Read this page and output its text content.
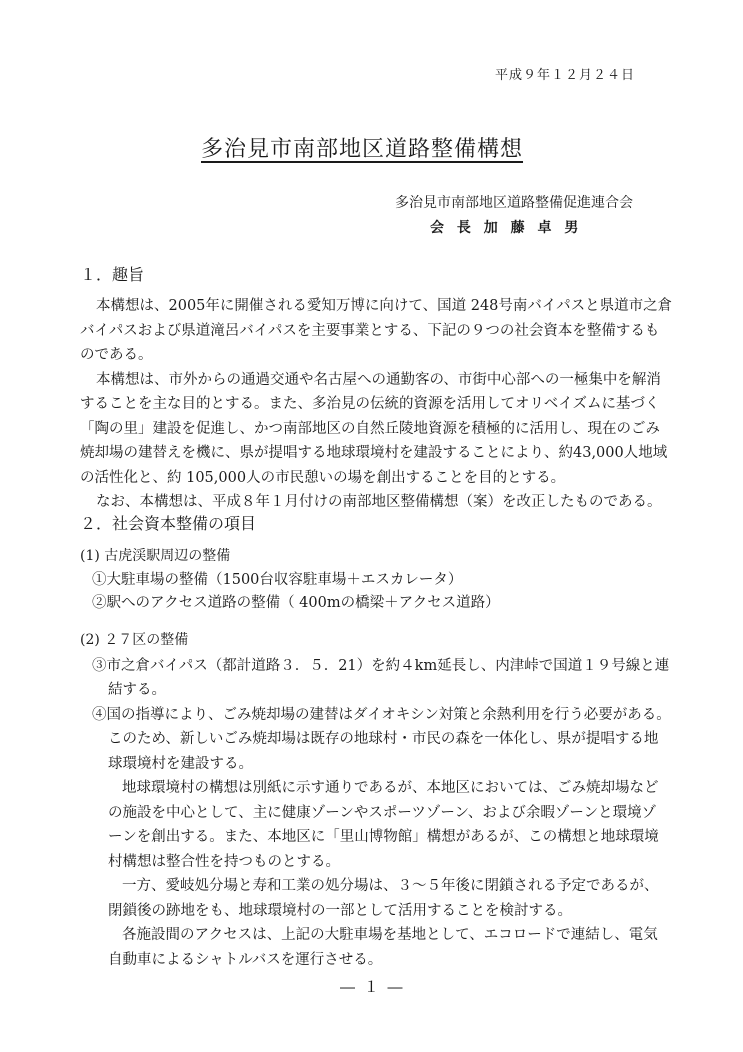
平成９年１２月２４日
多治見市南部地区道路整備構想
多治見市南部地区道路整備促進連合会
会 長 加 藤 卓 男
１．趣旨
本構想は、2005年に開催される愛知万博に向けて、国道 248号南バイパスと県道市之倉
バイパスおよび県道滝呂バイパスを主要事業とする、下記の９つの社会資本を整備するも
のである。
本構想は、市外からの通過交通や名古屋への通勤客の、市街中心部への一極集中を解消
することを主な目的とする。また、多治見の伝統的資源を活用してオリベイズムに基づく
「陶の里」建設を促進し、かつ南部地区の自然丘陵地資源を積極的に活用し、現在のごみ
焼却場の建替えを機に、県が提唱する地球環境村を建設することにより、約43,000人地域
の活性化と、約 105,000人の市民憩いの場を創出することを目的とする。
なお、本構想は、平成８年１月付けの南部地区整備構想（案）を改正したものである。
２．社会資本整備の項目
(1) 古虎渓駅周辺の整備
①大駐車場の整備（1500台収容駐車場＋エスカレータ）
②駅へのアクセス道路の整備（ 400mの橋梁＋アクセス道路）
(2) ２７区の整備
③市之倉バイパス（都計道路３．５．21）を約４km延長し、内津峠で国道１９号線と連
結する。
④国の指導により、ごみ焼却場の建替はダイオキシン対策と余熱利用を行う必要がある。
このため、新しいごみ焼却場は既存の地球村・市民の森を一体化し、県が提唱する地
球環境村を建設する。
地球環境村の構想は別紙に示す通りであるが、本地区においては、ごみ焼却場など
の施設を中心として、主に健康ゾーンやスポーツゾーン、および余暇ゾーンと環境ゾ
ーンを創出する。また、本地区に「里山博物館」構想があるが、この構想と地球環境
村構想は整合性を持つものとする。
一方、愛岐処分場と寿和工業の処分場は、３～５年後に閉鎖される予定であるが、
閉鎖後の跡地をも、地球環境村の一部として活用することを検討する。
各施設間のアクセスは、上記の大駐車場を基地として、エコロードで連結し、電気
自動車によるシャトルバスを運行させる。
― １ ―
